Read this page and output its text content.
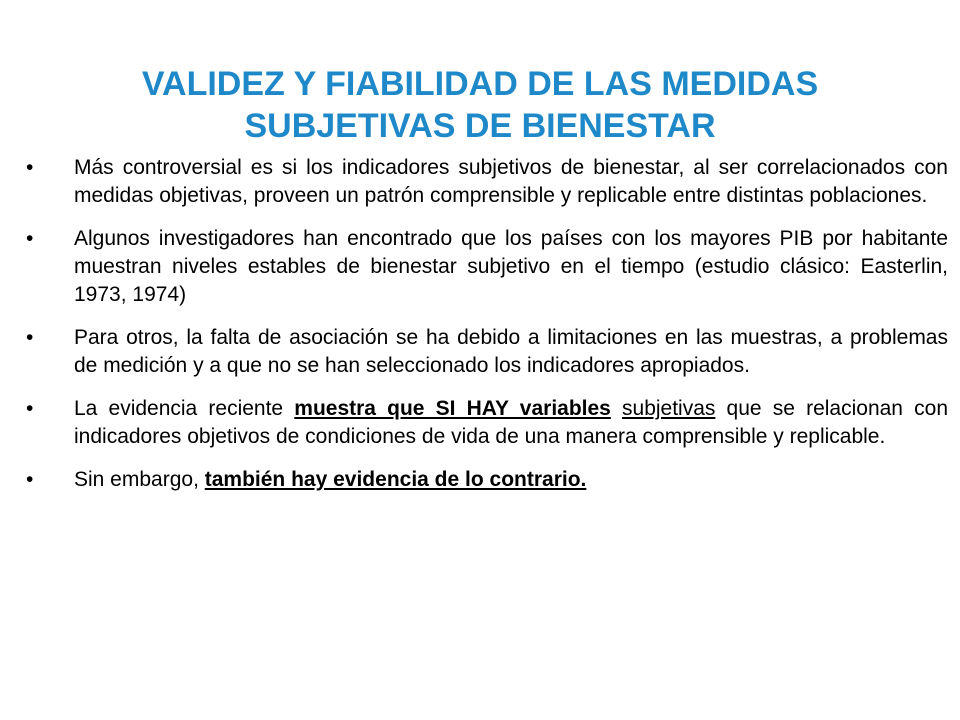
VALIDEZ Y FIABILIDAD DE LAS MEDIDAS
SUBJETIVAS DE BIENESTAR
• Más controversial es si los indicadores subjetivos de bienestar, al ser correlacionados con medidas objetivas, proveen un patrón comprensible y replicable entre distintas poblaciones.
• Algunos investigadores han encontrado que los países con los mayores PIB por habitante muestran niveles estables de bienestar subjetivo en el tiempo (estudio clásico: Easterlin, 1973, 1974)
• Para otros, la falta de asociación se ha debido a limitaciones en las muestras, a problemas de medición y a que no se han seleccionado los indicadores apropiados.
• La evidencia reciente muestra que SI HAY variables subjetivas que se relacionan con indicadores objetivos de condiciones de vida de una manera comprensible y replicable.
• Sin embargo, también hay evidencia de lo contrario.
